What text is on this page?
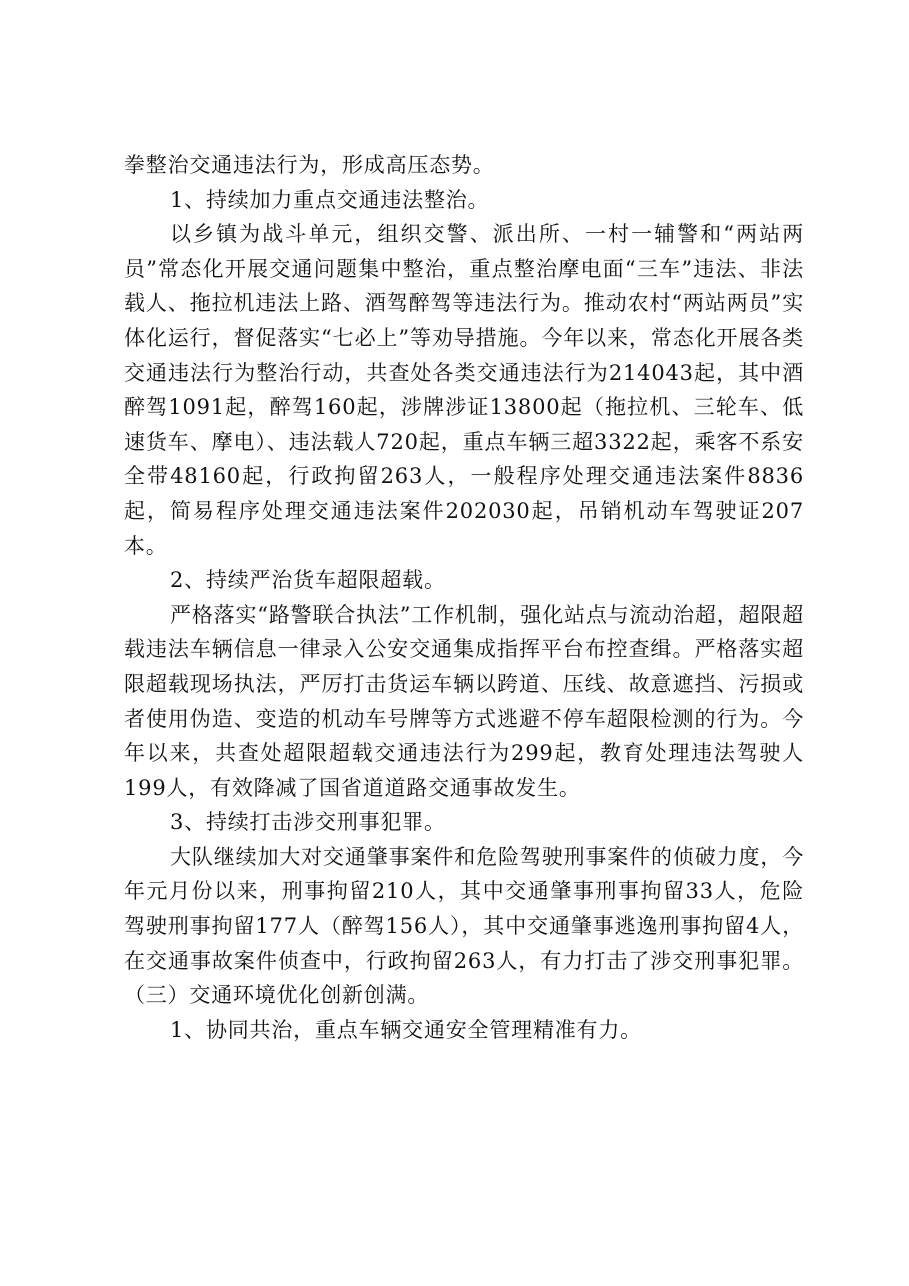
拳整治交通违法行为，形成高压态势。

1、持续加力重点交通违法整治。

以乡镇为战斗单元，组织交警、派出所、一村一辅警和“两站两员”常态化开展交通问题集中整治，重点整治摩电面“三车”违法、非法载人、拖拉机违法上路、酒驾醉驾等违法行为。推动农村“两站两员”实体化运行，督促落实“七必上”等劝导措施。今年以来，常态化开展各类交通违法行为整治行动，共查处各类交通违法行为214043起，其中酒醉驾1091起，醉驾160起，涉牌涉证13800起（拖拉机、三轮车、低速货车、摩电）、违法载人720起，重点车辆三超3322起，乘客不系安全带48160起，行政拘留263人，一般程序处理交通违法案件8836起，简易程序处理交通违法案件202030起，吊销机动车驾驶证207本。

2、持续严治货车超限超载。

严格落实“路警联合执法”工作机制，强化站点与流动治超，超限超载违法车辆信息一律录入公安交通集成指挥平台布控查缉。严格落实超限超载现场执法，严厉打击货运车辆以跨道、压线、故意遮挡、污损或者使用伪造、变造的机动车号牌等方式逃避不停车超限检测的行为。今年以来，共查处超限超载交通违法行为299起，教育处理违法驾驶人199人，有效降减了国省道道路交通事故发生。

3、持续打击涉交刑事犯罪。

大队继续加大对交通肇事案件和危险驾驶刑事案件的侦破力度，今年元月份以来，刑事拘留210人，其中交通肇事刑事拘留33人，危险驾驶刑事拘留177人（醉驾156人），其中交通肇事逃逸刑事拘留4人，在交通事故案件侦查中，行政拘留263人，有力打击了涉交刑事犯罪。（三）交通环境优化创新创满。

1、协同共治，重点车辆交通安全管理精准有力。
